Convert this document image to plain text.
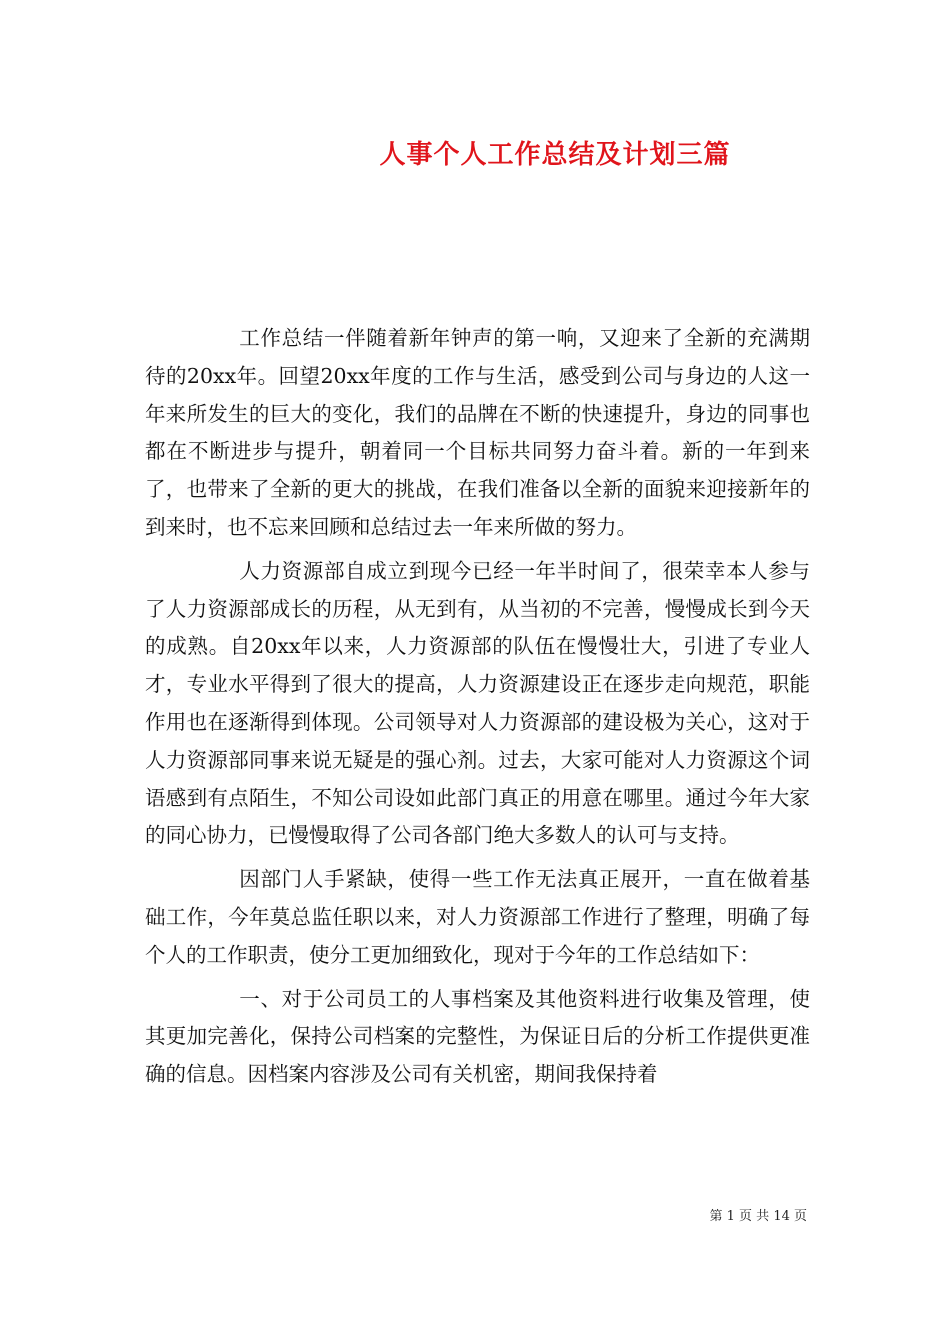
人事个人工作总结及计划三篇

工作总结一伴随着新年钟声的第一响，又迎来了全新的充满期待的20xx年。回望20xx年度的工作与生活，感受到公司与身边的人这一年来所发生的巨大的变化，我们的品牌在不断的快速提升，身边的同事也都在不断进步与提升，朝着同一个目标共同努力奋斗着。新的一年到来了，也带来了全新的更大的挑战，在我们准备以全新的面貌来迎接新年的到来时，也不忘来回顾和总结过去一年来所做的努力。

人力资源部自成立到现今已经一年半时间了，很荣幸本人参与了人力资源部成长的历程，从无到有，从当初的不完善，慢慢成长到今天的成熟。自20xx年以来，人力资源部的队伍在慢慢壮大，引进了专业人才，专业水平得到了很大的提高，人力资源建设正在逐步走向规范，职能作用也在逐渐得到体现。公司领导对人力资源部的建设极为关心，这对于人力资源部同事来说无疑是的强心剂。过去，大家可能对人力资源这个词语感到有点陌生，不知公司设如此部门真正的用意在哪里。通过今年大家的同心协力，已慢慢取得了公司各部门绝大多数人的认可与支持。

因部门人手紧缺，使得一些工作无法真正展开，一直在做着基础工作，今年莫总监任职以来，对人力资源部工作进行了整理，明确了每个人的工作职责，使分工更加细致化，现对于今年的工作总结如下：

一、对于公司员工的人事档案及其他资料进行收集及管理，使其更加完善化，保持公司档案的完整性，为保证日后的分析工作提供更准确的信息。因档案内容涉及公司有关机密，期间我保持着

第 1 页 共 14 页
